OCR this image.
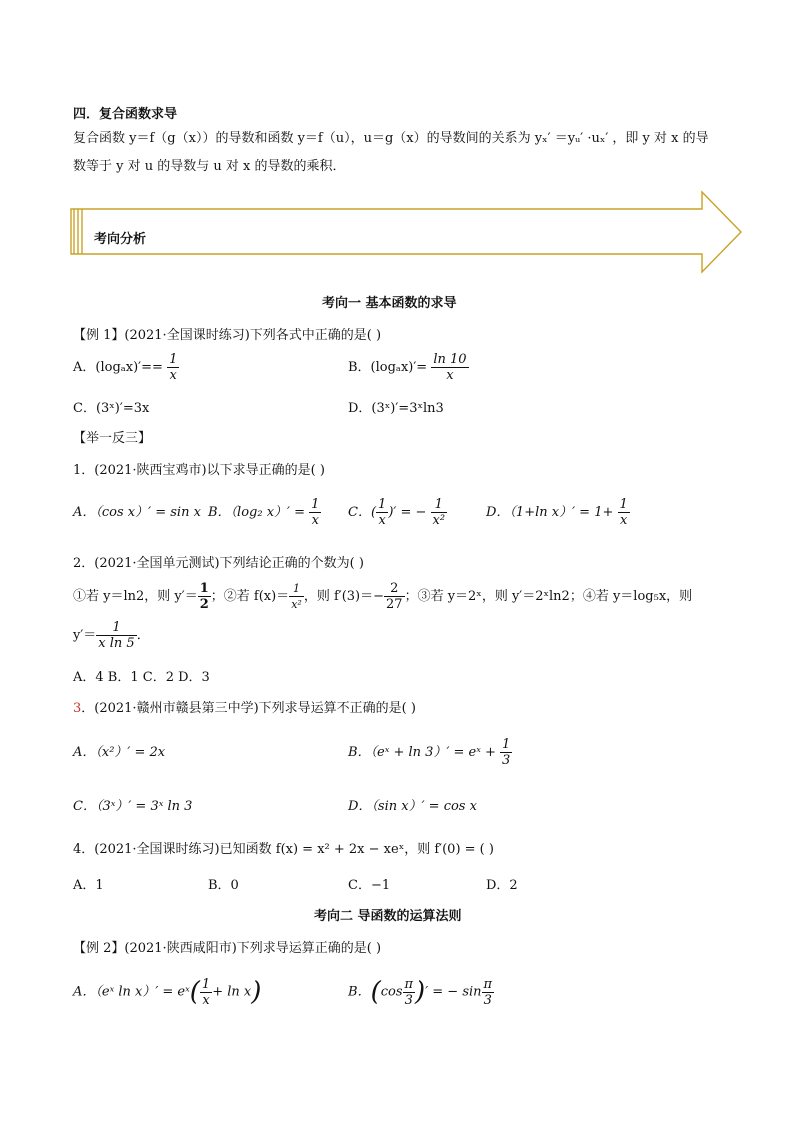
四．复合函数求导
复合函数 y＝f（g（x））的导数和函数 y＝f（u），u＝g（x）的导数间的关系为 yₓ′ ＝yᵤ′ ·uₓ′ ，即 y 对 x 的导
数等于 y 对 u 的导数与 u 对 x 的导数的乘积．
考向分析
考向一 基本函数的求导
【例 1】(2021·全国课时练习)下列各式中正确的是( )
A．$(\log_ax)'== \frac{1}{x}$	B．$(\log_ax)'= \frac{\ln 10}{x}$
C．(3ˣ)′=3x	D．(3ˣ)′=3ˣln3
【举一反三】
1．(2021·陕西宝鸡市)以下求导正确的是( )
A．（cos x）′ = sin x B．（log₂ $x)' = \frac{1}{x}$ C．( $\frac{1}{x}$ )′ = − $\frac{1}{\text{x²}}$	D．（1+ln $x)' = 1+ \frac{1}{x}$
2．(2021·全国单元测试)下列结论正确的个数为( )
①若 y＝ln2，则 $y'= \frac{1}{2}$ ；②若 $f(x)= \frac{1}{\text{x²}}$ ，则 $f'(3)=- \frac{2}{27}$ ；③若 y＝2ˣ，则 y′＝2ˣln2；④若 y＝log₅x，则
$y'= \frac{1}{\text{x ln 5}}$ ．
A．4 B．1 C．2 D．3
3．(2021·赣州市赣县第三中学)下列求导运算不正确的是( )
A．（x²）′ = 2x	B．（eˣ + ln 3）′ = eˣ + $\frac{1}{3}$
C．（3ˣ）′ = 3ˣ ln 3	D．（sin x）′ = cos x
4．(2021·全国课时练习)已知函数 f(x) = x² + 2x − xeˣ，则 f′(0) = ( )
A．1	B．0	C．−1	D．2
考向二 导函数的运算法则
【例 2】(2021·陕西咸阳市)下列求导运算正确的是( )
A．（eˣ ln x）′ = eˣ( $\frac{1}{x} + \ln x$)	B．($\cos \frac{\pi}{3}$ )′ = − $\sin \frac{\pi}{3}$
